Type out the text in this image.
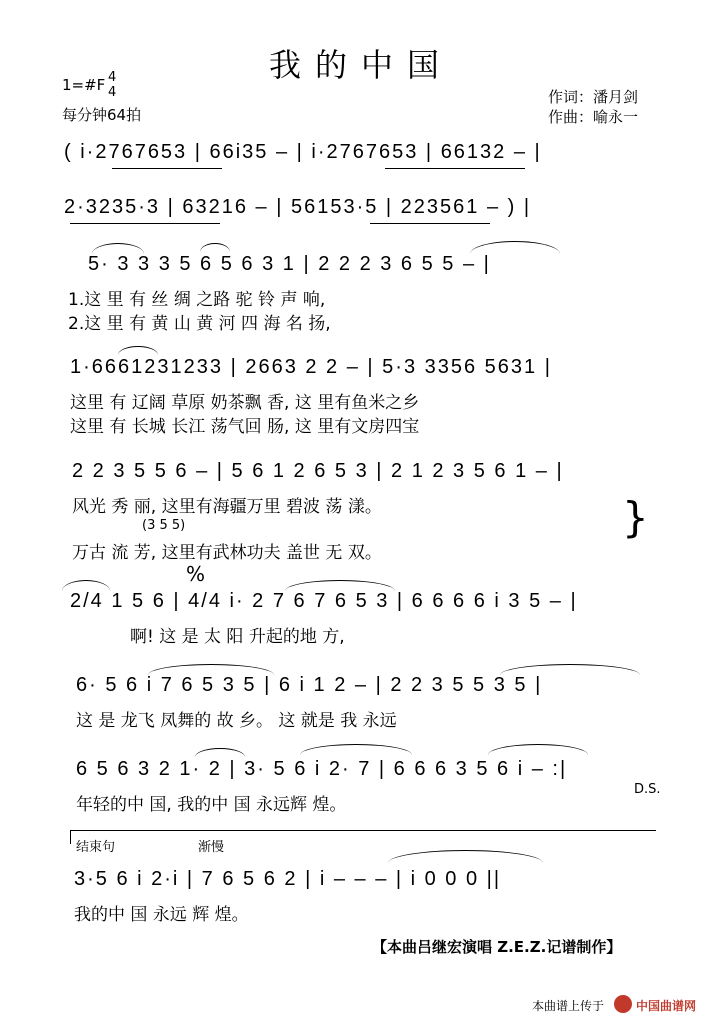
我的中国
1=#F 4
4
每分钟64拍
作词：潘月剑
作曲：喻永一
( i·2767653 | 66i35 – | i·2767653 | 66132 – |
2·3235·3 | 63216 – | 56153·5 | 223561 – ) |
5· 3 3 3 5 6 5 6 3 1 | 2 2 2 3 6 5 5 – |
1.这 里 有 丝 绸 之路 驼 铃 声 响,
2.这 里 有 黄 山 黄 河 四 海 名 扬,
1·6661231233 | 2663 2 2 – | 5·3 3356 5631 |
这里 有 辽阔 草原 奶茶飘 香, 这 里有鱼米之乡
这里 有 长城 长江 荡气回 肠, 这 里有文房四宝
2 2 3 5 5 6 – | 5 6 1 2 6 5 3 | 2 1 2 3 5 6 1 – |
风光 秀 丽, 这里有海疆万里 碧波 荡 漾。
(3 5 5)
万古 流 芳, 这里有武林功夫 盖世 无 双。
}
%
2/4 1 5 6 | 4/4 i· 2 7 6 7 6 5 3 | 6 6 6 6 i 3 5 – |
啊! 这 是 太 阳 升起的地 方,
6· 5 6 i 7 6 5 3 5 | 6 i 1 2 – | 2 2 3 5 5 3 5 |
这 是 龙飞 凤舞的 故 乡。 这 就是 我 永远
6 5 6 3 2 1· 2 | 3· 5 6 i 2· 7 | 6 6 6 3 5 6 i – :|
年轻的中 国, 我的中 国 永远辉 煌。
D.S.
结束句	渐慢
3·5 6 i 2·i | 7 6 5 6 2 | i – – – | i 0 0 0 ||
我的中 国 永远 辉 煌。
【本曲吕继宏演唱 Z.E.Z.记谱制作】
本曲谱上传于	中国曲谱网
